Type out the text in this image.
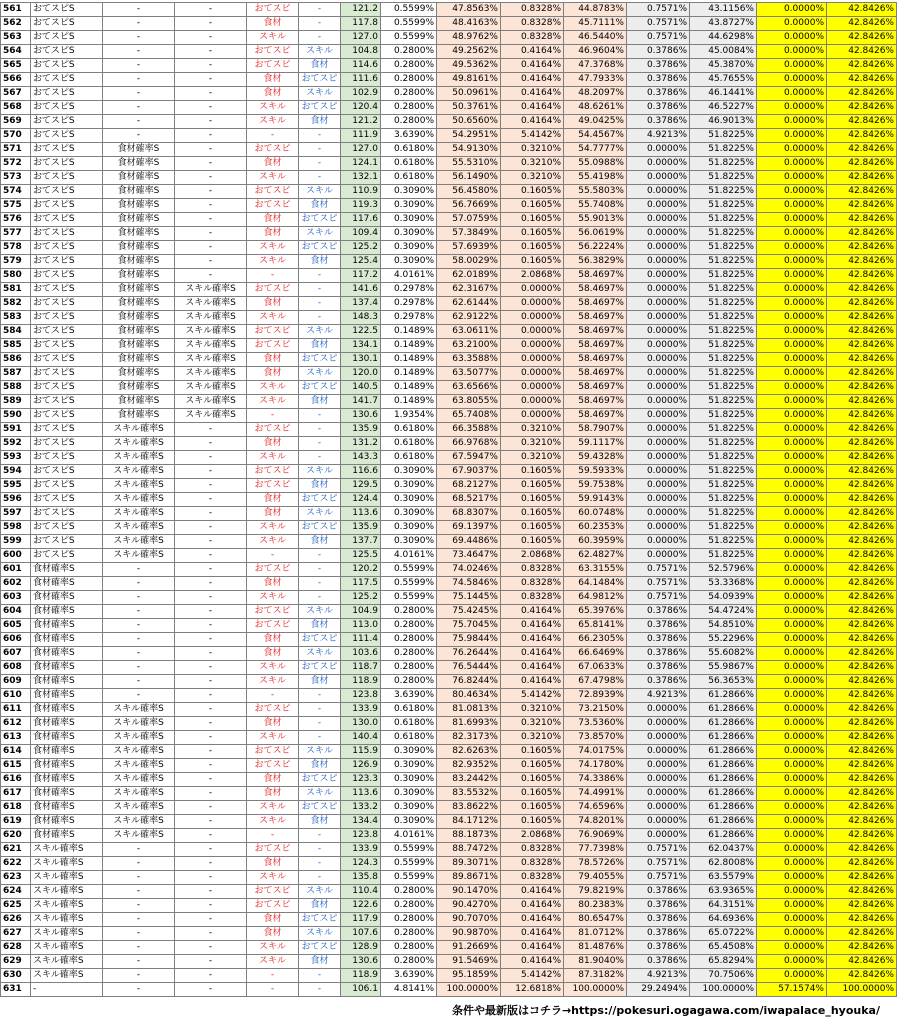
561	おてスピS	-	-	おてスピ	-	121.2	0.5599%	47.8563%	0.8328%	44.8783%	0.7571%	43.1156%	0.0000%	42.8426%
562	おてスピS	-	-	食材	-	117.8	0.5599%	48.4163%	0.8328%	45.7111%	0.7571%	43.8727%	0.0000%	42.8426%
563	おてスピS	-	-	スキル	-	127.0	0.5599%	48.9762%	0.8328%	46.5440%	0.7571%	44.6298%	0.0000%	42.8426%
564	おてスピS	-	-	おてスピ	スキル	104.8	0.2800%	49.2562%	0.4164%	46.9604%	0.3786%	45.0084%	0.0000%	42.8426%
565	おてスピS	-	-	おてスピ	食材	114.6	0.2800%	49.5362%	0.4164%	47.3768%	0.3786%	45.3870%	0.0000%	42.8426%
566	おてスピS	-	-	食材	おてスピ	111.6	0.2800%	49.8161%	0.4164%	47.7933%	0.3786%	45.7655%	0.0000%	42.8426%
567	おてスピS	-	-	食材	スキル	102.9	0.2800%	50.0961%	0.4164%	48.2097%	0.3786%	46.1441%	0.0000%	42.8426%
568	おてスピS	-	-	スキル	おてスピ	120.4	0.2800%	50.3761%	0.4164%	48.6261%	0.3786%	46.5227%	0.0000%	42.8426%
569	おてスピS	-	-	スキル	食材	121.2	0.2800%	50.6560%	0.4164%	49.0425%	0.3786%	46.9013%	0.0000%	42.8426%
570	おてスピS	-	-	-	-	111.9	3.6390%	54.2951%	5.4142%	54.4567%	4.9213%	51.8225%	0.0000%	42.8426%
571	おてスピS	食材確率S	-	おてスピ	-	127.0	0.6180%	54.9130%	0.3210%	54.7777%	0.0000%	51.8225%	0.0000%	42.8426%
572	おてスピS	食材確率S	-	食材	-	124.1	0.6180%	55.5310%	0.3210%	55.0988%	0.0000%	51.8225%	0.0000%	42.8426%
573	おてスピS	食材確率S	-	スキル	-	132.1	0.6180%	56.1490%	0.3210%	55.4198%	0.0000%	51.8225%	0.0000%	42.8426%
574	おてスピS	食材確率S	-	おてスピ	スキル	110.9	0.3090%	56.4580%	0.1605%	55.5803%	0.0000%	51.8225%	0.0000%	42.8426%
575	おてスピS	食材確率S	-	おてスピ	食材	119.3	0.3090%	56.7669%	0.1605%	55.7408%	0.0000%	51.8225%	0.0000%	42.8426%
576	おてスピS	食材確率S	-	食材	おてスピ	117.6	0.3090%	57.0759%	0.1605%	55.9013%	0.0000%	51.8225%	0.0000%	42.8426%
577	おてスピS	食材確率S	-	食材	スキル	109.4	0.3090%	57.3849%	0.1605%	56.0619%	0.0000%	51.8225%	0.0000%	42.8426%
578	おてスピS	食材確率S	-	スキル	おてスピ	125.2	0.3090%	57.6939%	0.1605%	56.2224%	0.0000%	51.8225%	0.0000%	42.8426%
579	おてスピS	食材確率S	-	スキル	食材	125.4	0.3090%	58.0029%	0.1605%	56.3829%	0.0000%	51.8225%	0.0000%	42.8426%
580	おてスピS	食材確率S	-	-	-	117.2	4.0161%	62.0189%	2.0868%	58.4697%	0.0000%	51.8225%	0.0000%	42.8426%
581	おてスピS	食材確率S	スキル確率S	おてスピ	-	141.6	0.2978%	62.3167%	0.0000%	58.4697%	0.0000%	51.8225%	0.0000%	42.8426%
582	おてスピS	食材確率S	スキル確率S	食材	-	137.4	0.2978%	62.6144%	0.0000%	58.4697%	0.0000%	51.8225%	0.0000%	42.8426%
583	おてスピS	食材確率S	スキル確率S	スキル	-	148.3	0.2978%	62.9122%	0.0000%	58.4697%	0.0000%	51.8225%	0.0000%	42.8426%
584	おてスピS	食材確率S	スキル確率S	おてスピ	スキル	122.5	0.1489%	63.0611%	0.0000%	58.4697%	0.0000%	51.8225%	0.0000%	42.8426%
585	おてスピS	食材確率S	スキル確率S	おてスピ	食材	134.1	0.1489%	63.2100%	0.0000%	58.4697%	0.0000%	51.8225%	0.0000%	42.8426%
586	おてスピS	食材確率S	スキル確率S	食材	おてスピ	130.1	0.1489%	63.3588%	0.0000%	58.4697%	0.0000%	51.8225%	0.0000%	42.8426%
587	おてスピS	食材確率S	スキル確率S	食材	スキル	120.0	0.1489%	63.5077%	0.0000%	58.4697%	0.0000%	51.8225%	0.0000%	42.8426%
588	おてスピS	食材確率S	スキル確率S	スキル	おてスピ	140.5	0.1489%	63.6566%	0.0000%	58.4697%	0.0000%	51.8225%	0.0000%	42.8426%
589	おてスピS	食材確率S	スキル確率S	スキル	食材	141.7	0.1489%	63.8055%	0.0000%	58.4697%	0.0000%	51.8225%	0.0000%	42.8426%
590	おてスピS	食材確率S	スキル確率S	-	-	130.6	1.9354%	65.7408%	0.0000%	58.4697%	0.0000%	51.8225%	0.0000%	42.8426%
591	おてスピS	スキル確率S	-	おてスピ	-	135.9	0.6180%	66.3588%	0.3210%	58.7907%	0.0000%	51.8225%	0.0000%	42.8426%
592	おてスピS	スキル確率S	-	食材	-	131.2	0.6180%	66.9768%	0.3210%	59.1117%	0.0000%	51.8225%	0.0000%	42.8426%
593	おてスピS	スキル確率S	-	スキル	-	143.3	0.6180%	67.5947%	0.3210%	59.4328%	0.0000%	51.8225%	0.0000%	42.8426%
594	おてスピS	スキル確率S	-	おてスピ	スキル	116.6	0.3090%	67.9037%	0.1605%	59.5933%	0.0000%	51.8225%	0.0000%	42.8426%
595	おてスピS	スキル確率S	-	おてスピ	食材	129.5	0.3090%	68.2127%	0.1605%	59.7538%	0.0000%	51.8225%	0.0000%	42.8426%
596	おてスピS	スキル確率S	-	食材	おてスピ	124.4	0.3090%	68.5217%	0.1605%	59.9143%	0.0000%	51.8225%	0.0000%	42.8426%
597	おてスピS	スキル確率S	-	食材	スキル	113.6	0.3090%	68.8307%	0.1605%	60.0748%	0.0000%	51.8225%	0.0000%	42.8426%
598	おてスピS	スキル確率S	-	スキル	おてスピ	135.9	0.3090%	69.1397%	0.1605%	60.2353%	0.0000%	51.8225%	0.0000%	42.8426%
599	おてスピS	スキル確率S	-	スキル	食材	137.7	0.3090%	69.4486%	0.1605%	60.3959%	0.0000%	51.8225%	0.0000%	42.8426%
600	おてスピS	スキル確率S	-	-	-	125.5	4.0161%	73.4647%	2.0868%	62.4827%	0.0000%	51.8225%	0.0000%	42.8426%
601	食材確率S	-	-	おてスピ	-	120.2	0.5599%	74.0246%	0.8328%	63.3155%	0.7571%	52.5796%	0.0000%	42.8426%
602	食材確率S	-	-	食材	-	117.5	0.5599%	74.5846%	0.8328%	64.1484%	0.7571%	53.3368%	0.0000%	42.8426%
603	食材確率S	-	-	スキル	-	125.2	0.5599%	75.1445%	0.8328%	64.9812%	0.7571%	54.0939%	0.0000%	42.8426%
604	食材確率S	-	-	おてスピ	スキル	104.9	0.2800%	75.4245%	0.4164%	65.3976%	0.3786%	54.4724%	0.0000%	42.8426%
605	食材確率S	-	-	おてスピ	食材	113.0	0.2800%	75.7045%	0.4164%	65.8141%	0.3786%	54.8510%	0.0000%	42.8426%
606	食材確率S	-	-	食材	おてスピ	111.4	0.2800%	75.9844%	0.4164%	66.2305%	0.3786%	55.2296%	0.0000%	42.8426%
607	食材確率S	-	-	食材	スキル	103.6	0.2800%	76.2644%	0.4164%	66.6469%	0.3786%	55.6082%	0.0000%	42.8426%
608	食材確率S	-	-	スキル	おてスピ	118.7	0.2800%	76.5444%	0.4164%	67.0633%	0.3786%	55.9867%	0.0000%	42.8426%
609	食材確率S	-	-	スキル	食材	118.9	0.2800%	76.8244%	0.4164%	67.4798%	0.3786%	56.3653%	0.0000%	42.8426%
610	食材確率S	-	-	-	-	123.8	3.6390%	80.4634%	5.4142%	72.8939%	4.9213%	61.2866%	0.0000%	42.8426%
611	食材確率S	スキル確率S	-	おてスピ	-	133.9	0.6180%	81.0813%	0.3210%	73.2150%	0.0000%	61.2866%	0.0000%	42.8426%
612	食材確率S	スキル確率S	-	食材	-	130.0	0.6180%	81.6993%	0.3210%	73.5360%	0.0000%	61.2866%	0.0000%	42.8426%
613	食材確率S	スキル確率S	-	スキル	-	140.4	0.6180%	82.3173%	0.3210%	73.8570%	0.0000%	61.2866%	0.0000%	42.8426%
614	食材確率S	スキル確率S	-	おてスピ	スキル	115.9	0.3090%	82.6263%	0.1605%	74.0175%	0.0000%	61.2866%	0.0000%	42.8426%
615	食材確率S	スキル確率S	-	おてスピ	食材	126.9	0.3090%	82.9352%	0.1605%	74.1780%	0.0000%	61.2866%	0.0000%	42.8426%
616	食材確率S	スキル確率S	-	食材	おてスピ	123.3	0.3090%	83.2442%	0.1605%	74.3386%	0.0000%	61.2866%	0.0000%	42.8426%
617	食材確率S	スキル確率S	-	食材	スキル	113.6	0.3090%	83.5532%	0.1605%	74.4991%	0.0000%	61.2866%	0.0000%	42.8426%
618	食材確率S	スキル確率S	-	スキル	おてスピ	133.2	0.3090%	83.8622%	0.1605%	74.6596%	0.0000%	61.2866%	0.0000%	42.8426%
619	食材確率S	スキル確率S	-	スキル	食材	134.4	0.3090%	84.1712%	0.1605%	74.8201%	0.0000%	61.2866%	0.0000%	42.8426%
620	食材確率S	スキル確率S	-	-	-	123.8	4.0161%	88.1873%	2.0868%	76.9069%	0.0000%	61.2866%	0.0000%	42.8426%
621	スキル確率S	-	-	おてスピ	-	133.9	0.5599%	88.7472%	0.8328%	77.7398%	0.7571%	62.0437%	0.0000%	42.8426%
622	スキル確率S	-	-	食材	-	124.3	0.5599%	89.3071%	0.8328%	78.5726%	0.7571%	62.8008%	0.0000%	42.8426%
623	スキル確率S	-	-	スキル	-	135.8	0.5599%	89.8671%	0.8328%	79.4055%	0.7571%	63.5579%	0.0000%	42.8426%
624	スキル確率S	-	-	おてスピ	スキル	110.4	0.2800%	90.1470%	0.4164%	79.8219%	0.3786%	63.9365%	0.0000%	42.8426%
625	スキル確率S	-	-	おてスピ	食材	122.6	0.2800%	90.4270%	0.4164%	80.2383%	0.3786%	64.3151%	0.0000%	42.8426%
626	スキル確率S	-	-	食材	おてスピ	117.9	0.2800%	90.7070%	0.4164%	80.6547%	0.3786%	64.6936%	0.0000%	42.8426%
627	スキル確率S	-	-	食材	スキル	107.6	0.2800%	90.9870%	0.4164%	81.0712%	0.3786%	65.0722%	0.0000%	42.8426%
628	スキル確率S	-	-	スキル	おてスピ	128.9	0.2800%	91.2669%	0.4164%	81.4876%	0.3786%	65.4508%	0.0000%	42.8426%
629	スキル確率S	-	-	スキル	食材	130.6	0.2800%	91.5469%	0.4164%	81.9040%	0.3786%	65.8294%	0.0000%	42.8426%
630	スキル確率S	-	-	-	-	118.9	3.6390%	95.1859%	5.4142%	87.3182%	4.9213%	70.7506%	0.0000%	42.8426%
631	-	-	-	-	-	106.1	4.8141%	100.0000%	12.6818%	100.0000%	29.2494%	100.0000%	57.1574%	100.0000%
条件や最新版はコチラ→https://pokesuri.ogagawa.com/iwapalace_hyouka/
